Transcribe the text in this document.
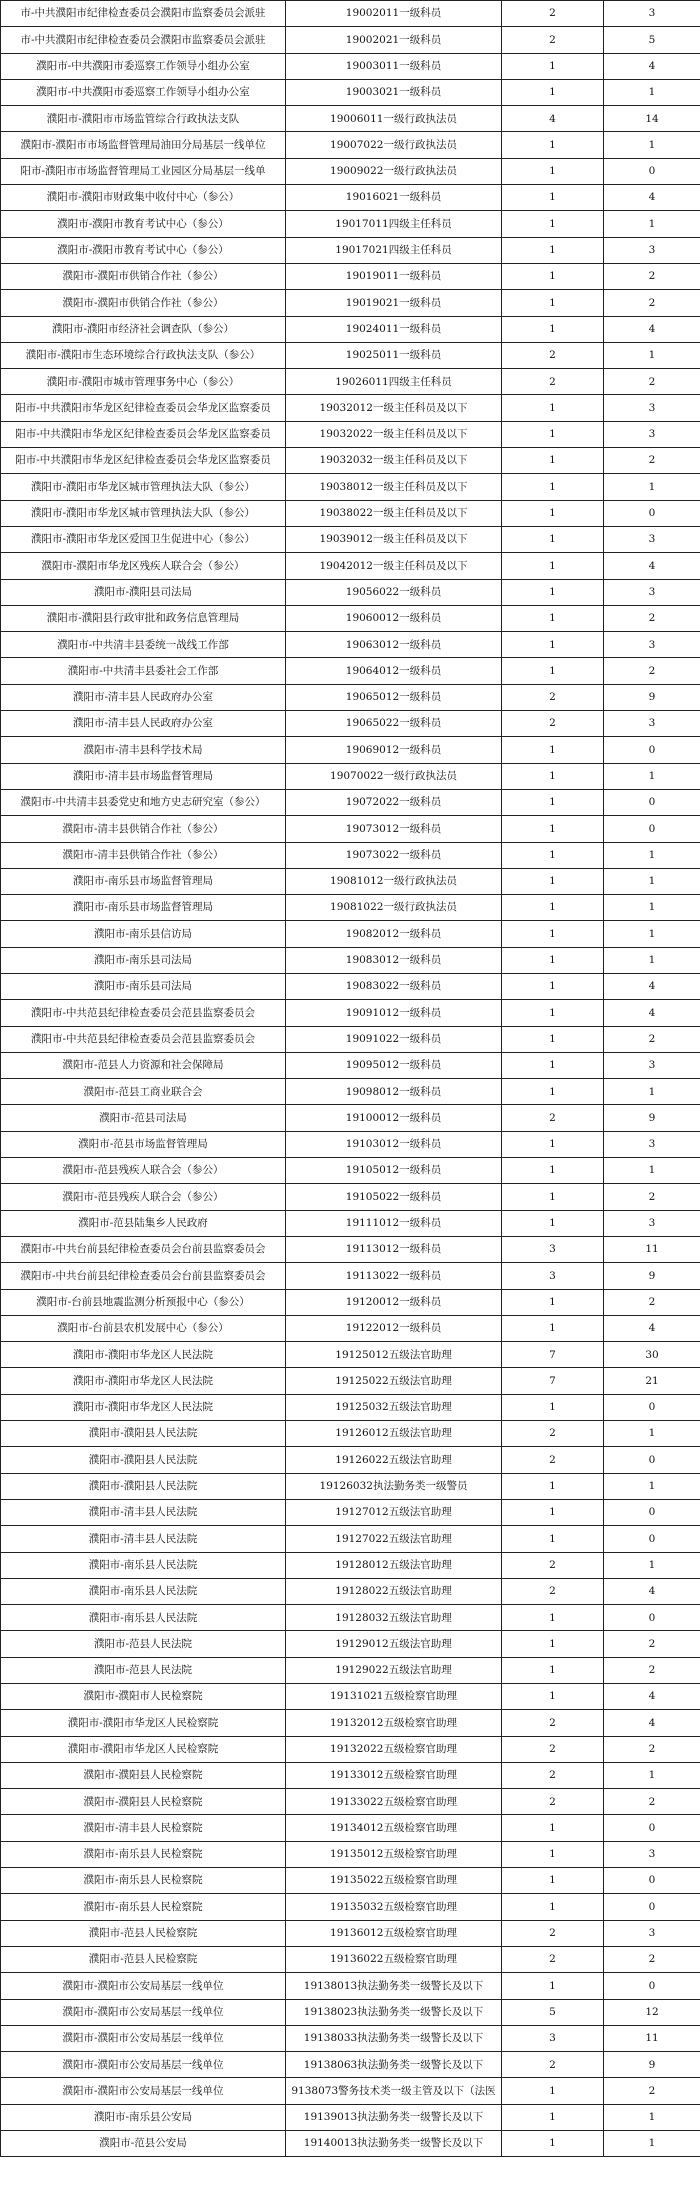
市-中共濮阳市纪律检查委员会濮阳市监察委员会派驻	19002011一级科员	2	3
市-中共濮阳市纪律检查委员会濮阳市监察委员会派驻	19002021一级科员	2	5
濮阳市-中共濮阳市委巡察工作领导小组办公室	19003011一级科员	1	4
濮阳市-中共濮阳市委巡察工作领导小组办公室	19003021一级科员	1	1
濮阳市-濮阳市市场监管综合行政执法支队	19006011一级行政执法员	4	14
濮阳市-濮阳市市场监督管理局油田分局基层一线单位	19007022一级行政执法员	1	1
阳市-濮阳市市场监督管理局工业园区分局基层一线单	19009022一级行政执法员	1	0
濮阳市-濮阳市财政集中收付中心（参公）	19016021一级科员	1	4
濮阳市-濮阳市教育考试中心（参公）	19017011四级主任科员	1	1
濮阳市-濮阳市教育考试中心（参公）	19017021四级主任科员	1	3
濮阳市-濮阳市供销合作社（参公）	19019011一级科员	1	2
濮阳市-濮阳市供销合作社（参公）	19019021一级科员	1	2
濮阳市-濮阳市经济社会调查队（参公）	19024011一级科员	1	4
濮阳市-濮阳市生态环境综合行政执法支队（参公）	19025011一级科员	2	1
濮阳市-濮阳市城市管理事务中心（参公）	19026011四级主任科员	2	2
阳市-中共濮阳市华龙区纪律检查委员会华龙区监察委员	19032012一级主任科员及以下	1	3
阳市-中共濮阳市华龙区纪律检查委员会华龙区监察委员	19032022一级主任科员及以下	1	3
阳市-中共濮阳市华龙区纪律检查委员会华龙区监察委员	19032032一级主任科员及以下	1	2
濮阳市-濮阳市华龙区城市管理执法大队（参公）	19038012一级主任科员及以下	1	1
濮阳市-濮阳市华龙区城市管理执法大队（参公）	19038022一级主任科员及以下	1	0
濮阳市-濮阳市华龙区爱国卫生促进中心（参公）	19039012一级主任科员及以下	1	3
濮阳市-濮阳市华龙区残疾人联合会（参公）	19042012一级主任科员及以下	1	4
濮阳市-濮阳县司法局	19056022一级科员	1	3
濮阳市-濮阳县行政审批和政务信息管理局	19060012一级科员	1	2
濮阳市-中共清丰县委统一战线工作部	19063012一级科员	1	3
濮阳市-中共清丰县委社会工作部	19064012一级科员	1	2
濮阳市-清丰县人民政府办公室	19065012一级科员	2	9
濮阳市-清丰县人民政府办公室	19065022一级科员	2	3
濮阳市-清丰县科学技术局	19069012一级科员	1	0
濮阳市-清丰县市场监督管理局	19070022一级行政执法员	1	1
濮阳市-中共清丰县委党史和地方史志研究室（参公）	19072022一级科员	1	0
濮阳市-清丰县供销合作社（参公）	19073012一级科员	1	0
濮阳市-清丰县供销合作社（参公）	19073022一级科员	1	1
濮阳市-南乐县市场监督管理局	19081012一级行政执法员	1	1
濮阳市-南乐县市场监督管理局	19081022一级行政执法员	1	1
濮阳市-南乐县信访局	19082012一级科员	1	1
濮阳市-南乐县司法局	19083012一级科员	1	1
濮阳市-南乐县司法局	19083022一级科员	1	4
濮阳市-中共范县纪律检查委员会范县监察委员会	19091012一级科员	1	4
濮阳市-中共范县纪律检查委员会范县监察委员会	19091022一级科员	1	2
濮阳市-范县人力资源和社会保障局	19095012一级科员	1	3
濮阳市-范县工商业联合会	19098012一级科员	1	1
濮阳市-范县司法局	19100012一级科员	2	9
濮阳市-范县市场监督管理局	19103012一级科员	1	3
濮阳市-范县残疾人联合会（参公）	19105012一级科员	1	1
濮阳市-范县残疾人联合会（参公）	19105022一级科员	1	2
濮阳市-范县陆集乡人民政府	19111012一级科员	1	3
濮阳市-中共台前县纪律检查委员会台前县监察委员会	19113012一级科员	3	11
濮阳市-中共台前县纪律检查委员会台前县监察委员会	19113022一级科员	3	9
濮阳市-台前县地震监测分析预报中心（参公）	19120012一级科员	1	2
濮阳市-台前县农机发展中心（参公）	19122012一级科员	1	4
濮阳市-濮阳市华龙区人民法院	19125012五级法官助理	7	30
濮阳市-濮阳市华龙区人民法院	19125022五级法官助理	7	21
濮阳市-濮阳市华龙区人民法院	19125032五级法官助理	1	0
濮阳市-濮阳县人民法院	19126012五级法官助理	2	1
濮阳市-濮阳县人民法院	19126022五级法官助理	2	0
濮阳市-濮阳县人民法院	19126032执法勤务类一级警员	1	1
濮阳市-清丰县人民法院	19127012五级法官助理	1	0
濮阳市-清丰县人民法院	19127022五级法官助理	1	0
濮阳市-南乐县人民法院	19128012五级法官助理	2	1
濮阳市-南乐县人民法院	19128022五级法官助理	2	4
濮阳市-南乐县人民法院	19128032五级法官助理	1	0
濮阳市-范县人民法院	19129012五级法官助理	1	2
濮阳市-范县人民法院	19129022五级法官助理	1	2
濮阳市-濮阳市人民检察院	19131021五级检察官助理	1	4
濮阳市-濮阳市华龙区人民检察院	19132012五级检察官助理	2	4
濮阳市-濮阳市华龙区人民检察院	19132022五级检察官助理	2	2
濮阳市-濮阳县人民检察院	19133012五级检察官助理	2	1
濮阳市-濮阳县人民检察院	19133022五级检察官助理	2	2
濮阳市-清丰县人民检察院	19134012五级检察官助理	1	0
濮阳市-南乐县人民检察院	19135012五级检察官助理	1	3
濮阳市-南乐县人民检察院	19135022五级检察官助理	1	0
濮阳市-南乐县人民检察院	19135032五级检察官助理	1	0
濮阳市-范县人民检察院	19136012五级检察官助理	2	3
濮阳市-范县人民检察院	19136022五级检察官助理	2	2
濮阳市-濮阳市公安局基层一线单位	19138013执法勤务类一级警长及以下	1	0
濮阳市-濮阳市公安局基层一线单位	19138023执法勤务类一级警长及以下	5	12
濮阳市-濮阳市公安局基层一线单位	19138033执法勤务类一级警长及以下	3	11
濮阳市-濮阳市公安局基层一线单位	19138063执法勤务类一级警长及以下	2	9
濮阳市-濮阳市公安局基层一线单位	9138073警务技术类一级主管及以下（法医	1	2
濮阳市-南乐县公安局	19139013执法勤务类一级警长及以下	1	1
濮阳市-范县公安局	19140013执法勤务类一级警长及以下	1	1
